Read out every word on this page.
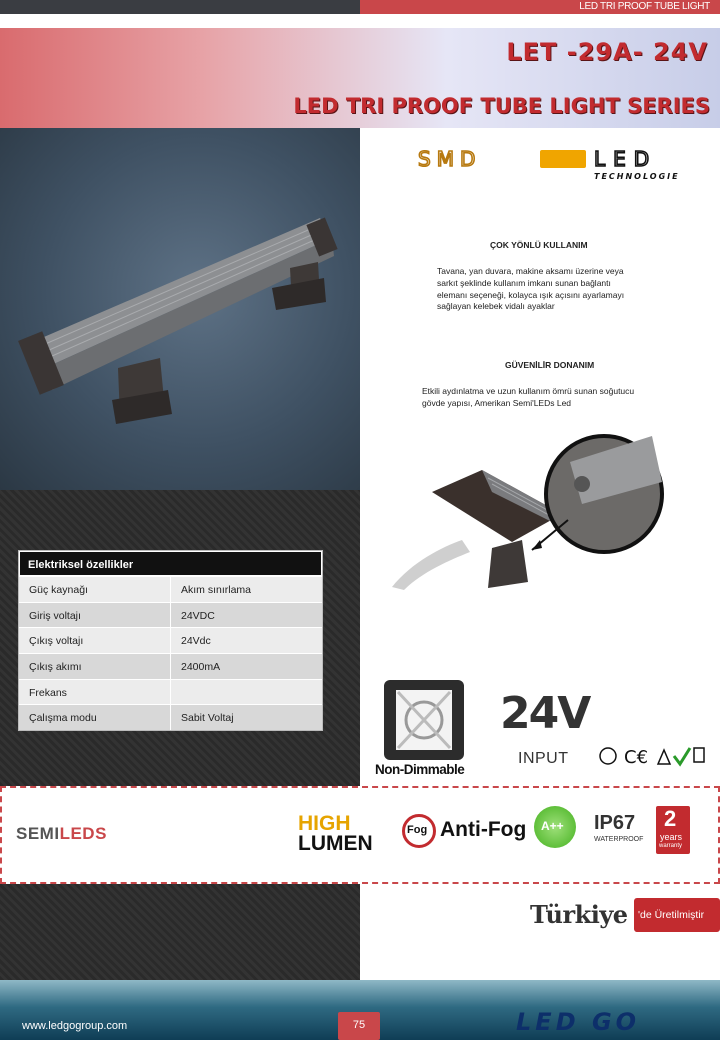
LED TRI PROOF TUBE LIGHT
LET -29A- 24V
LED TRI PROOF TUBE LIGHT SERIES
Elektriksel özellikler
Güç kaynağı	Akım sınırlama
Giriş voltajı	24VDC
Çıkış voltajı	24Vdc
Çıkış akımı	2400mA
Frekans
Çalışma modu	Sabit Voltaj
SMD	LED
TECHNOLOGIE
ÇOK YÖNLÜ KULLANIM
Tavana, yan duvara, makine aksamı üzerine veya
sarkıt şeklinde kullanım imkanı sunan bağlantı
elemanı seçeneği, kolayca ışık açısını ayarlamayı
sağlayan kelebek vidalı ayaklar
GÜVENİLİR DONANIM
Etkili aydınlatma ve uzun kullanım ömrü sunan soğutucu
gövde yapısı, Amerikan Semi'LEDs Led
Non-Dimmable
24V
INPUT	C€
SEMILEDS	HIGH
LUMEN
Fog Anti-Fog A++ IP67
WATERPROOF
2
years
warranty
Türkiye 'de Üretilmiştir
www.ledgogroup.com	75	LED GO
